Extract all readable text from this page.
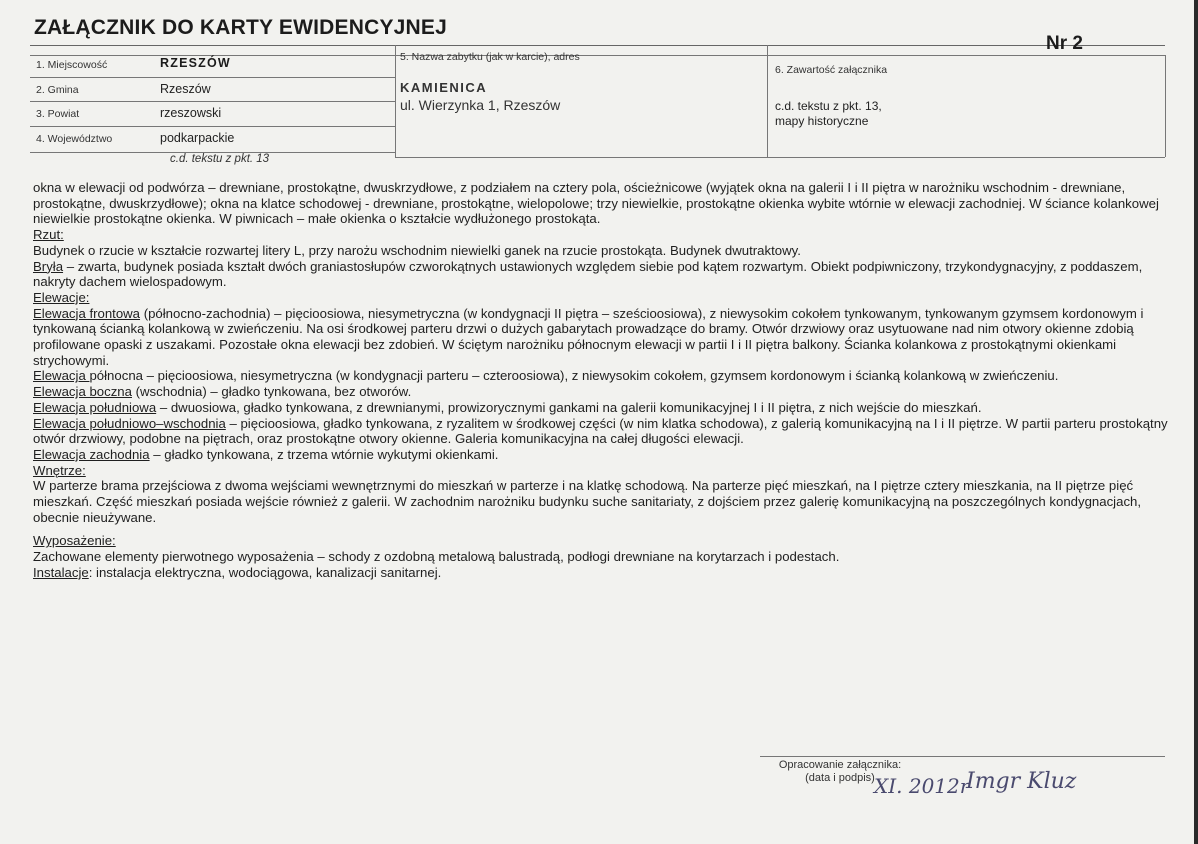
ZAŁĄCZNIK DO KARTY EWIDENCYJNEJ
Nr 2
1. Miejscowość	RZESZÓW
2. Gmina	Rzeszów
3. Powiat	rzeszowski
4. Województwo	podkarpackie
c.d. tekstu z pkt. 13
5. Nazwa zabytku (jak w karcie), adres
KAMIENICA
ul. Wierzynka 1, Rzeszów
6. Zawartość załącznika
c.d. tekstu z pkt. 13,
mapy historyczne

okna w elewacji od podwórza – drewniane, prostokątne, dwuskrzydłowe, z podziałem na cztery pola, ościeżnicowe (wyjątek okna na galerii I i II piętra w narożniku wschodnim - drewniane, prostokątne, dwuskrzydłowe); okna na klatce schodowej - drewniane, prostokątne, wielopolowe; trzy niewielkie, prostokątne okienka wybite wtórnie w elewacji zachodniej. W ściance kolankowej niewielkie prostokątne okienka. W piwnicach – małe okienka o kształcie wydłużonego prostokąta.

Rzut:

Budynek o rzucie w kształcie rozwartej litery L, przy narożu wschodnim niewielki ganek na rzucie prostokąta. Budynek dwutraktowy.

Bryła – zwarta, budynek posiada kształt dwóch graniastosłupów czworokątnych ustawionych względem siebie pod kątem rozwartym. Obiekt podpiwniczony, trzykondygnacyjny, z poddaszem, nakryty dachem wielospadowym.

Elewacje:

Elewacja frontowa (północno-zachodnia) – pięcioosiowa, niesymetryczna (w kondygnacji II piętra – sześcioosiowa), z niewysokim cokołem tynkowanym, tynkowanym gzymsem kordonowym i tynkowaną ścianką kolankową w zwieńczeniu. Na osi środkowej parteru drzwi o dużych gabarytach prowadzące do bramy. Otwór drzwiowy oraz usytuowane nad nim otwory okienne zdobią profilowane opaski z uszakami. Pozostałe okna elewacji bez zdobień. W ściętym narożniku północnym elewacji w partii I i II piętra balkony. Ścianka kolankowa z prostokątnymi okienkami strychowymi.

Elewacja północna – pięcioosiowa, niesymetryczna (w kondygnacji parteru – czteroosiowa), z niewysokim cokołem, gzymsem kordonowym i ścianką kolankową w zwieńczeniu.

Elewacja boczna (wschodnia) – gładko tynkowana, bez otworów.

Elewacja południowa – dwuosiowa, gładko tynkowana, z drewnianymi, prowizorycznymi gankami na galerii komunikacyjnej I i II piętra, z nich wejście do mieszkań.

Elewacja południowo–wschodnia – pięcioosiowa, gładko tynkowana, z ryzalitem w środkowej części (w nim klatka schodowa), z galerią komunikacyjną na I i II piętrze. W partii parteru prostokątny otwór drzwiowy, podobne na piętrach, oraz prostokątne otwory okienne. Galeria komunikacyjna na całej długości elewacji.

Elewacja zachodnia – gładko tynkowana, z trzema wtórnie wykutymi okienkami.

Wnętrze:

W parterze brama przejściowa z dwoma wejściami wewnętrznymi do mieszkań w parterze i na klatkę schodową. Na parterze pięć mieszkań, na I piętrze cztery mieszkania, na II piętrze pięć mieszkań. Część mieszkań posiada wejście również z galerii. W zachodnim narożniku budynku suche sanitariaty, z dojściem przez galerię komunikacyjną na poszczególnych kondygnacjach, obecnie nieużywane.

Wyposażenie:

Zachowane elementy pierwotnego wyposażenia – schody z ozdobną metalową balustradą, podłogi drewniane na korytarzach i podestach.

Instalacje: instalacja elektryczna, wodociągowa, kanalizacji sanitarnej.

Opracowanie załącznika:
(data i podpis) XI. 2012r
Imgr Kluz
